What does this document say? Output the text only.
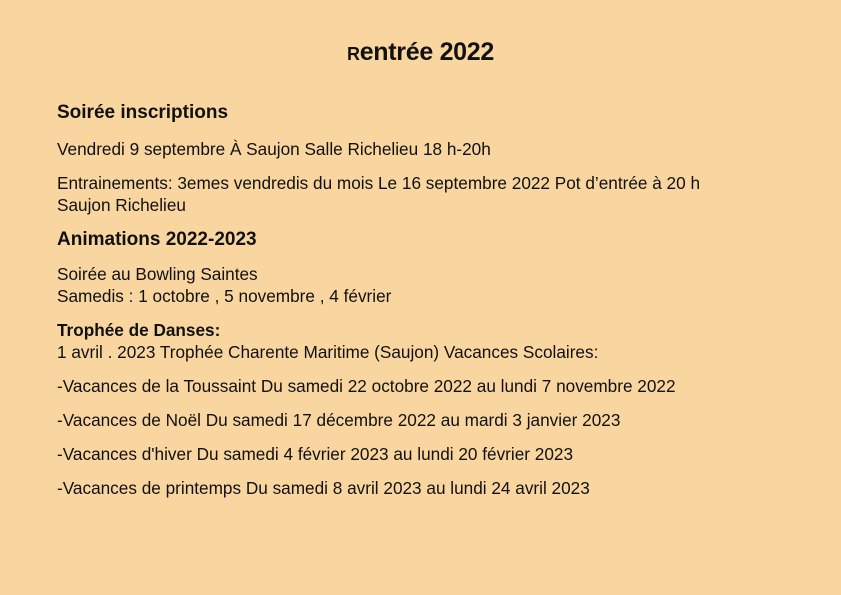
Rentrée 2022
Soirée inscriptions
Vendredi 9 septembre À Saujon Salle Richelieu 18 h-20h
Entrainements: 3emes vendredis du mois Le 16 septembre 2022 Pot d’entrée à 20 h
Saujon Richelieu
Animations 2022-2023
Soirée au Bowling Saintes
Samedis : 1 octobre , 5 novembre , 4 février
Trophée de Danses:
1 avril . 2023 Trophée Charente Maritime (Saujon) Vacances Scolaires:
-Vacances de la Toussaint Du samedi 22 octobre 2022 au lundi 7 novembre 2022
-Vacances de Noël Du samedi 17 décembre 2022 au mardi 3 janvier 2023
-Vacances d'hiver Du samedi 4 février 2023 au lundi 20 février 2023
-Vacances de printemps Du samedi 8 avril 2023 au lundi 24 avril 2023
